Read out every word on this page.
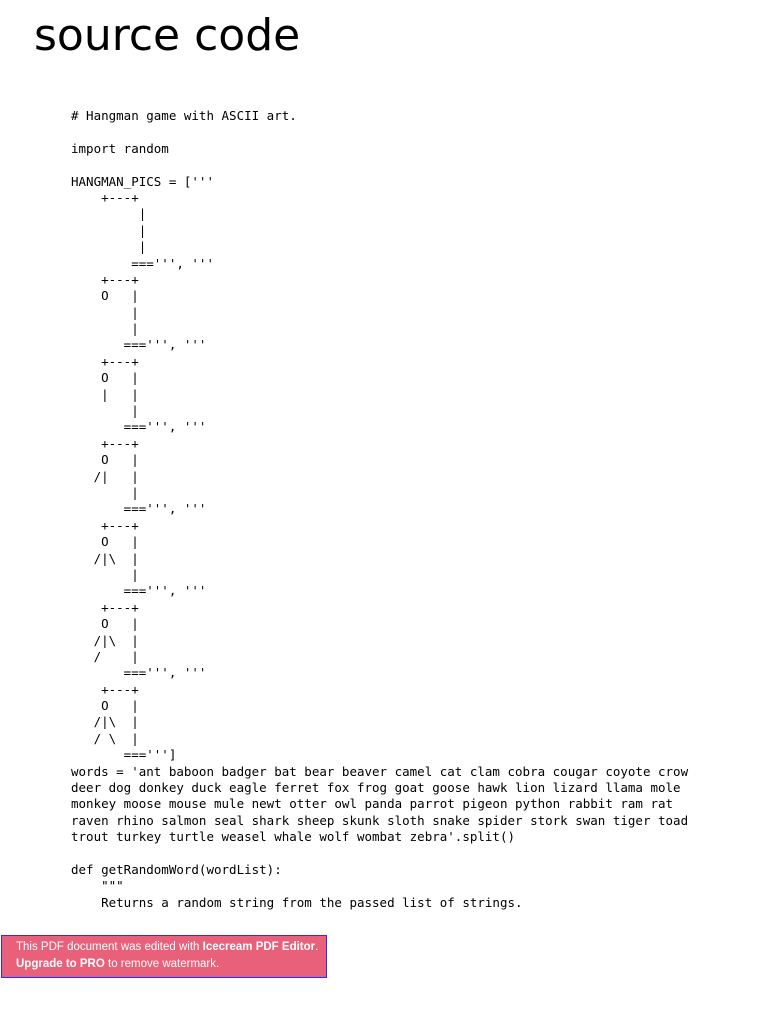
source code
# Hangman game with ASCII art.
import random
HANGMAN_PICS = ['''
+---+
|
|
|
===''', '''
+---+
O   |
|
|
===''', '''
+---+
O   |
|   |
|
===''', '''
+---+
O   |
/|   |
|
===''', '''
+---+
O   |
/|\  |
|
===''', '''
+---+
O   |
/|\  |
/    |
===''', '''
+---+
O   |
/|\  |
/ \  |
===''']
words = 'ant baboon badger bat bear beaver camel cat clam cobra cougar coyote crow
deer dog donkey duck eagle ferret fox frog goat goose hawk lion lizard llama mole
monkey moose mouse mule newt otter owl panda parrot pigeon python rabbit ram rat
raven rhino salmon seal shark sheep skunk sloth snake spider stork swan tiger toad
trout turkey turtle weasel whale wolf wombat zebra'.split()
def getRandomWord(wordList):
"""
Returns a random string from the passed list of strings.
This PDF document was edited with Icecream PDF Editor.
Upgrade to PRO to remove watermark.
